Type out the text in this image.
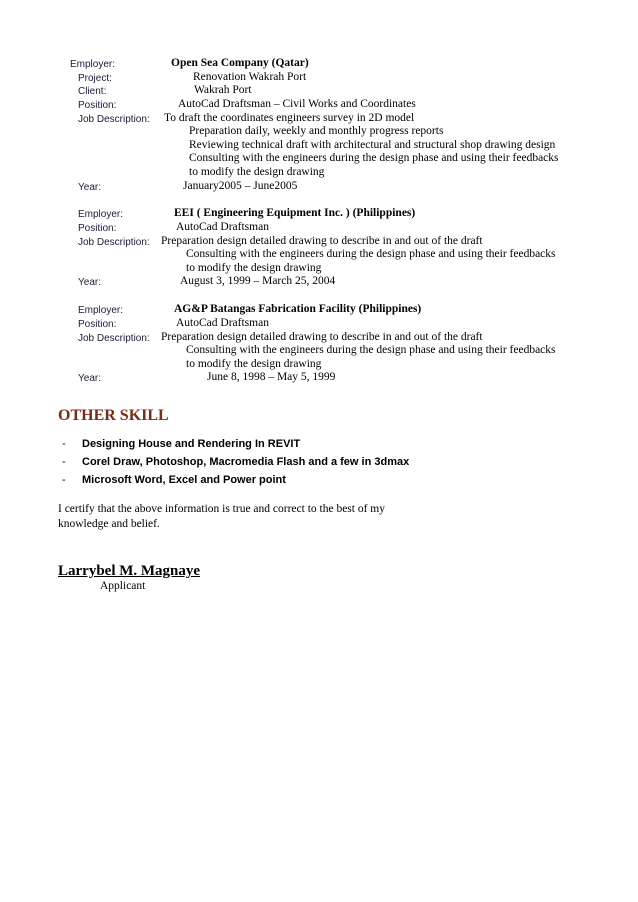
Employer:	Open Sea Company (Qatar)
Project:	Renovation Wakrah Port
Client:	Wakrah Port
Position:	AutoCad Draftsman – Civil Works and Coordinates
Job Description: To draft the coordinates engineers survey in 2D model
Preparation daily, weekly and monthly progress reports
Reviewing technical draft with architectural and structural shop drawing design
Consulting with the engineers during the design phase and using their feedbacks
to modify the design drawing
Year:	January2005 – June2005
Employer:	EEI ( Engineering Equipment Inc. ) (Philippines)
Position:	AutoCad Draftsman
Job Description: Preparation design detailed drawing to describe in and out of the draft
Consulting with the engineers during the design phase and using their feedbacks
to modify the design drawing
Year:	August 3, 1999 – March 25, 2004
Employer:	AG&P Batangas Fabrication Facility (Philippines)
Position:	AutoCad Draftsman
Job Description: Preparation design detailed drawing to describe in and out of the draft
Consulting with the engineers during the design phase and using their feedbacks
to modify the design drawing
Year:	June 8, 1998 – May 5, 1999
OTHER SKILL
- Designing House and Rendering In REVIT
- Corel Draw, Photoshop, Macromedia Flash and a few in 3dmax
- Microsoft Word, Excel and Power point
I certify that the above information is true and correct to the best of my knowledge and belief.
Larrybel M. Magnaye
Applicant
